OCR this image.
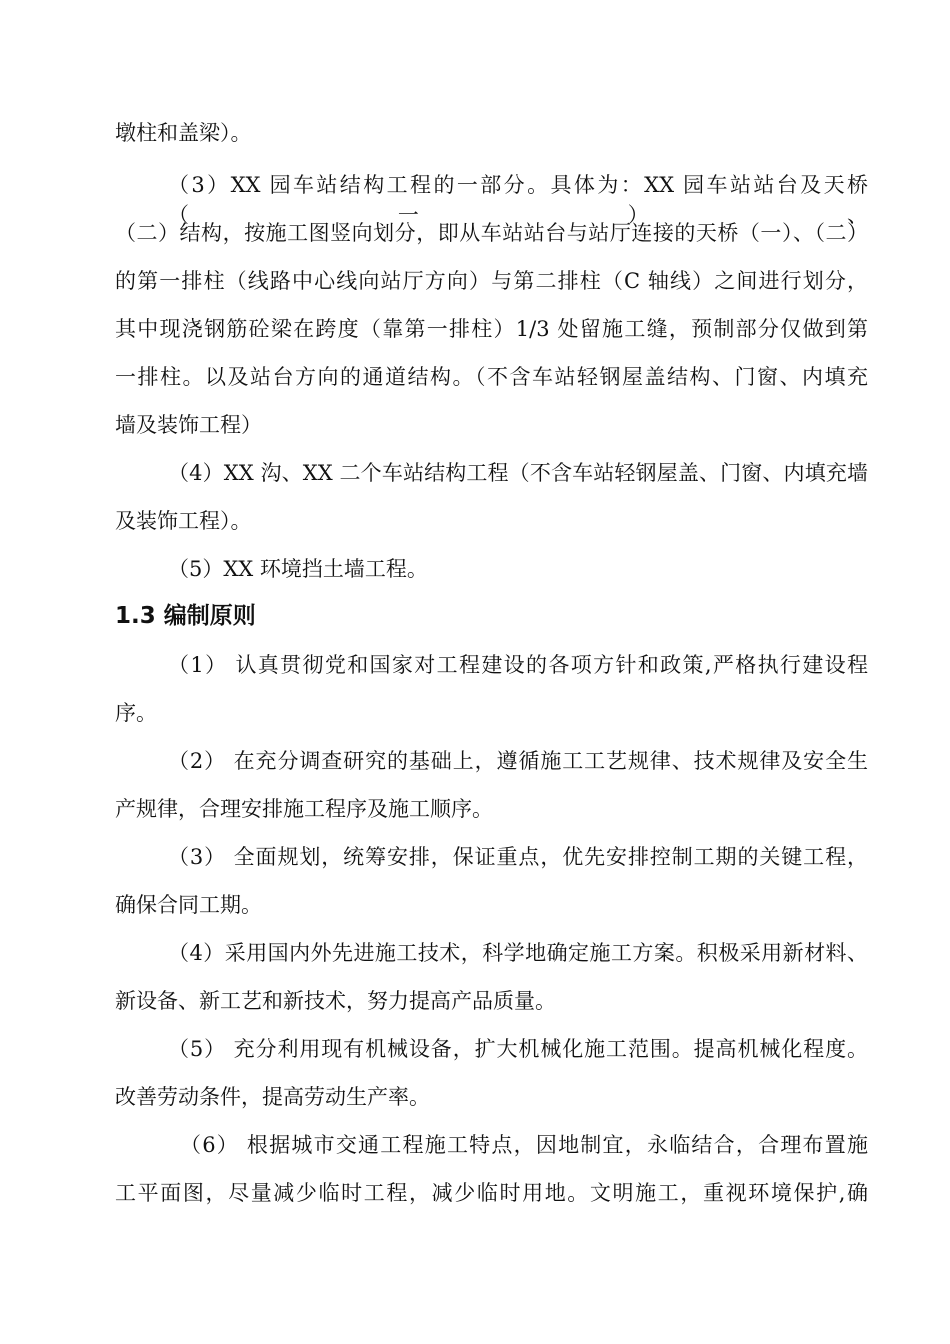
墩柱和盖梁）。
（3）XX 园车站结构工程的一部分。具体为：XX 园车站站台及天桥（一）、
（二）结构，按施工图竖向划分，即从车站站台与站厅连接的天桥（一）、（二）
的第一排柱（线路中心线向站厅方向）与第二排柱（C 轴线）之间进行划分，
其中现浇钢筋砼梁在跨度（靠第一排柱）1/3 处留施工缝，预制部分仅做到第
一排柱。以及站台方向的通道结构。（不含车站轻钢屋盖结构、门窗、内填充
墙及装饰工程）
（4）XX 沟、XX 二个车站结构工程（不含车站轻钢屋盖、门窗、内填充墙
及装饰工程）。
（5）XX 环境挡土墙工程。
1.3 编制原则
（1） 认真贯彻党和国家对工程建设的各项方针和政策,严格执行建设程
序。
（2） 在充分调查研究的基础上，遵循施工工艺规律、技术规律及安全生
产规律，合理安排施工程序及施工顺序。
（3） 全面规划，统筹安排，保证重点，优先安排控制工期的关键工程，
确保合同工期。
（4）采用国内外先进施工技术，科学地确定施工方案。积极采用新材料、
新设备、新工艺和新技术，努力提高产品质量。
（5） 充分利用现有机械设备，扩大机械化施工范围。提高机械化程度。
改善劳动条件，提高劳动生产率。
（6） 根据城市交通工程施工特点，因地制宜，永临结合，合理布置施
工平面图，尽量减少临时工程，减少临时用地。文明施工，重视环境保护,确
